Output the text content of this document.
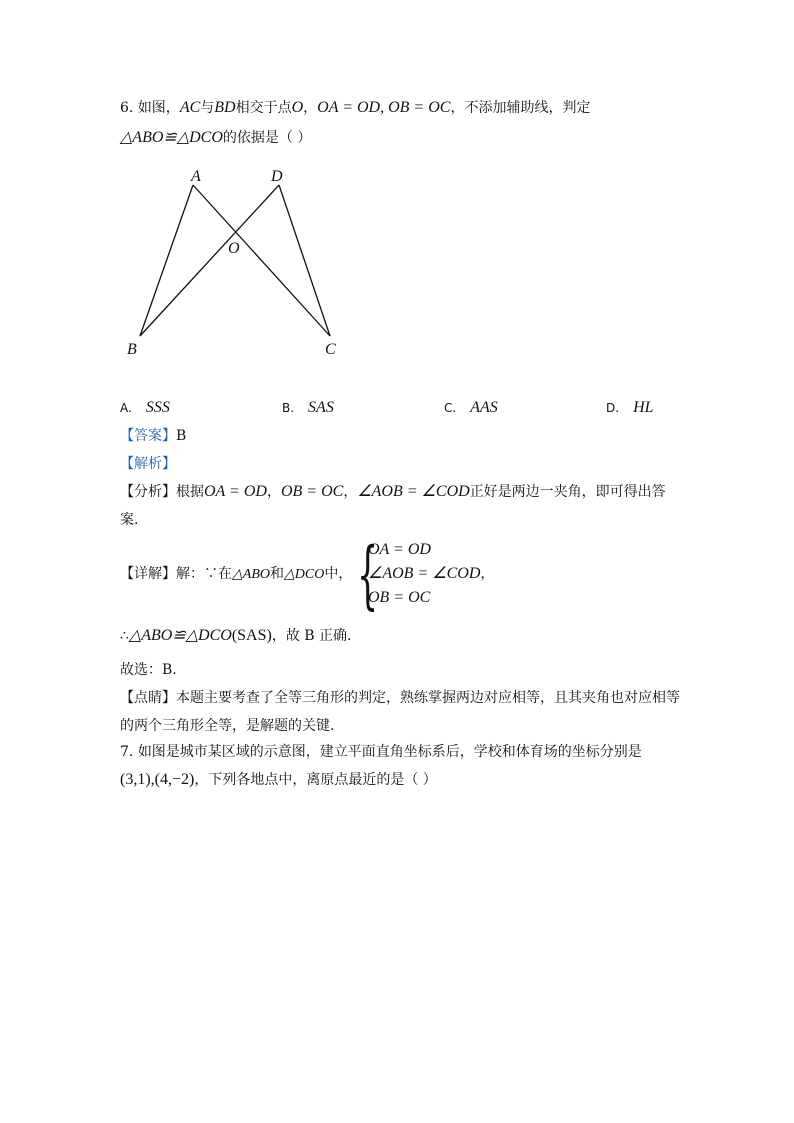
6. 如图，AC与BD相交于点O，OA = OD, OB = OC，不添加辅助线，判定
△ABO≌△DCO的依据是（ ）
A	D
O
B	C
A. SSS	B. SAS	C. AAS	D. HL
【答案】B
【解析】
【分析】根据OA = OD，OB = OC，∠AOB = ∠COD正好是两边一夹角，即可得出答
案.
【详解】解：∵在△ABO和△DCO中， {
OA = OD
∠AOB = ∠COD，
OB = OC
∴△ABO≌△DCO(SAS)，故 B 正确.
故选：B.
【点睛】本题主要考查了全等三角形的判定，熟练掌握两边对应相等，且其夹角也对应相等
的两个三角形全等，是解题的关键.
7. 如图是城市某区域的示意图，建立平面直角坐标系后，学校和体育场的坐标分别是
(3,1),(4,−2)，下列各地点中，离原点最近的是（ ）
